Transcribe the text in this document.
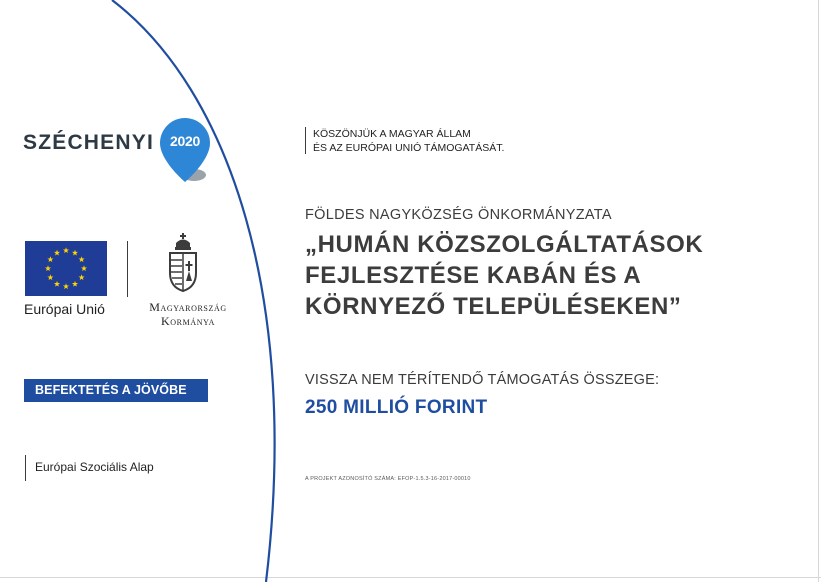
SZÉCHENYI	2020
Európai Unió	Magyarország
Kormánya
BEFEKTETÉS A JÖVŐBE
Európai Szociális Alap
KÖSZÖNJÜK A MAGYAR ÁLLAM
ÉS AZ EURÓPAI UNIÓ TÁMOGATÁSÁT.
FÖLDES NAGYKÖZSÉG ÖNKORMÁNYZATA
„HUMÁN KÖZSZOLGÁLTATÁSOK
FEJLESZTÉSE KABÁN ÉS A
KÖRNYEZŐ TELEPÜLÉSEKEN”
VISSZA NEM TÉRÍTENDŐ TÁMOGATÁS ÖSSZEGE:
250 MILLIÓ FORINT
A PROJEKT AZONOSÍTÓ SZÁMA: EFOP-1.5.3-16-2017-00010
